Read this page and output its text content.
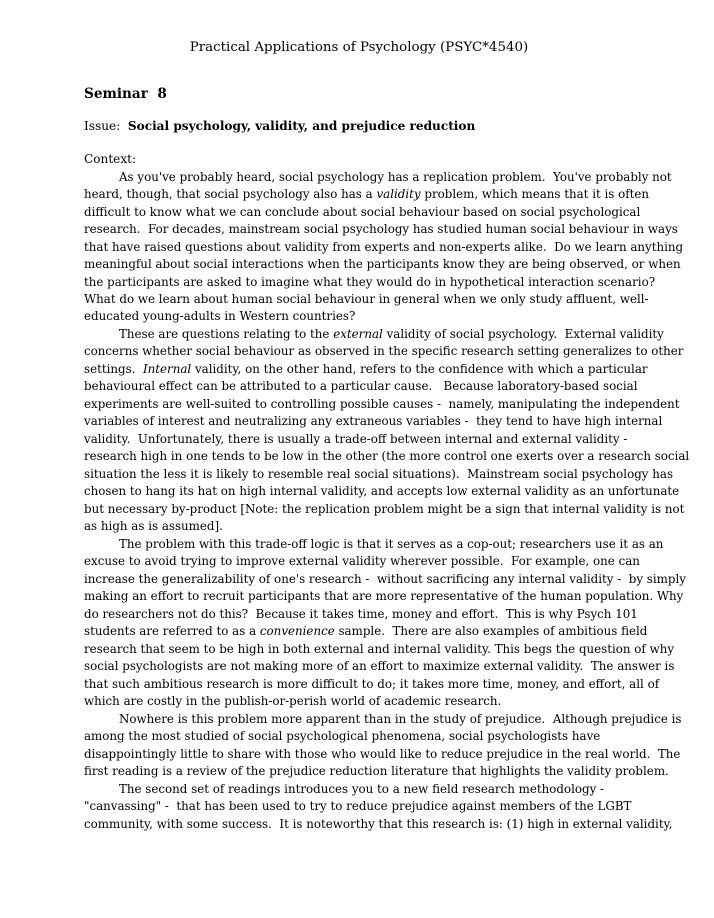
Practical Applications of Psychology (PSYC*4540)
Seminar  8
Issue: Social psychology, validity, and prejudice reduction
Context:
As you've probably heard, social psychology has a replication problem.  You've probably not
heard, though, that social psychology also has a validity problem, which means that it is often
difficult to know what we can conclude about social behaviour based on social psychological
research.  For decades, mainstream social psychology has studied human social behaviour in ways
that have raised questions about validity from experts and non-experts alike.  Do we learn anything
meaningful about social interactions when the participants know they are being observed, or when
the participants are asked to imagine what they would do in hypothetical interaction scenario?
What do we learn about human social behaviour in general when we only study affluent, well-
educated young-adults in Western countries?
These are questions relating to the external validity of social psychology.  External validity
concerns whether social behaviour as observed in the specific research setting generalizes to other
settings.  Internal validity, on the other hand, refers to the confidence with which a particular
behavioural effect can be attributed to a particular cause.   Because laboratory-based social
experiments are well-suited to controlling possible causes -  namely, manipulating the independent
variables of interest and neutralizing any extraneous variables -  they tend to have high internal
validity.  Unfortunately, there is usually a trade-off between internal and external validity -
research high in one tends to be low in the other (the more control one exerts over a research social
situation the less it is likely to resemble real social situations).  Mainstream social psychology has
chosen to hang its hat on high internal validity, and accepts low external validity as an unfortunate
but necessary by-product [Note: the replication problem might be a sign that internal validity is not
as high as is assumed].
The problem with this trade-off logic is that it serves as a cop-out; researchers use it as an
excuse to avoid trying to improve external validity wherever possible.  For example, one can
increase the generalizability of one's research -  without sacrificing any internal validity -  by simply
making an effort to recruit participants that are more representative of the human population. Why
do researchers not do this?  Because it takes time, money and effort.  This is why Psych 101
students are referred to as a convenience sample.  There are also examples of ambitious field
research that seem to be high in both external and internal validity. This begs the question of why
social psychologists are not making more of an effort to maximize external validity.  The answer is
that such ambitious research is more difficult to do; it takes more time, money, and effort, all of
which are costly in the publish-or-perish world of academic research.
Nowhere is this problem more apparent than in the study of prejudice.  Although prejudice is
among the most studied of social psychological phenomena, social psychologists have
disappointingly little to share with those who would like to reduce prejudice in the real world.  The
first reading is a review of the prejudice reduction literature that highlights the validity problem.
The second set of readings introduces you to a new field research methodology -
"canvassing" -  that has been used to try to reduce prejudice against members of the LGBT
community, with some success.  It is noteworthy that this research is: (1) high in external validity,
